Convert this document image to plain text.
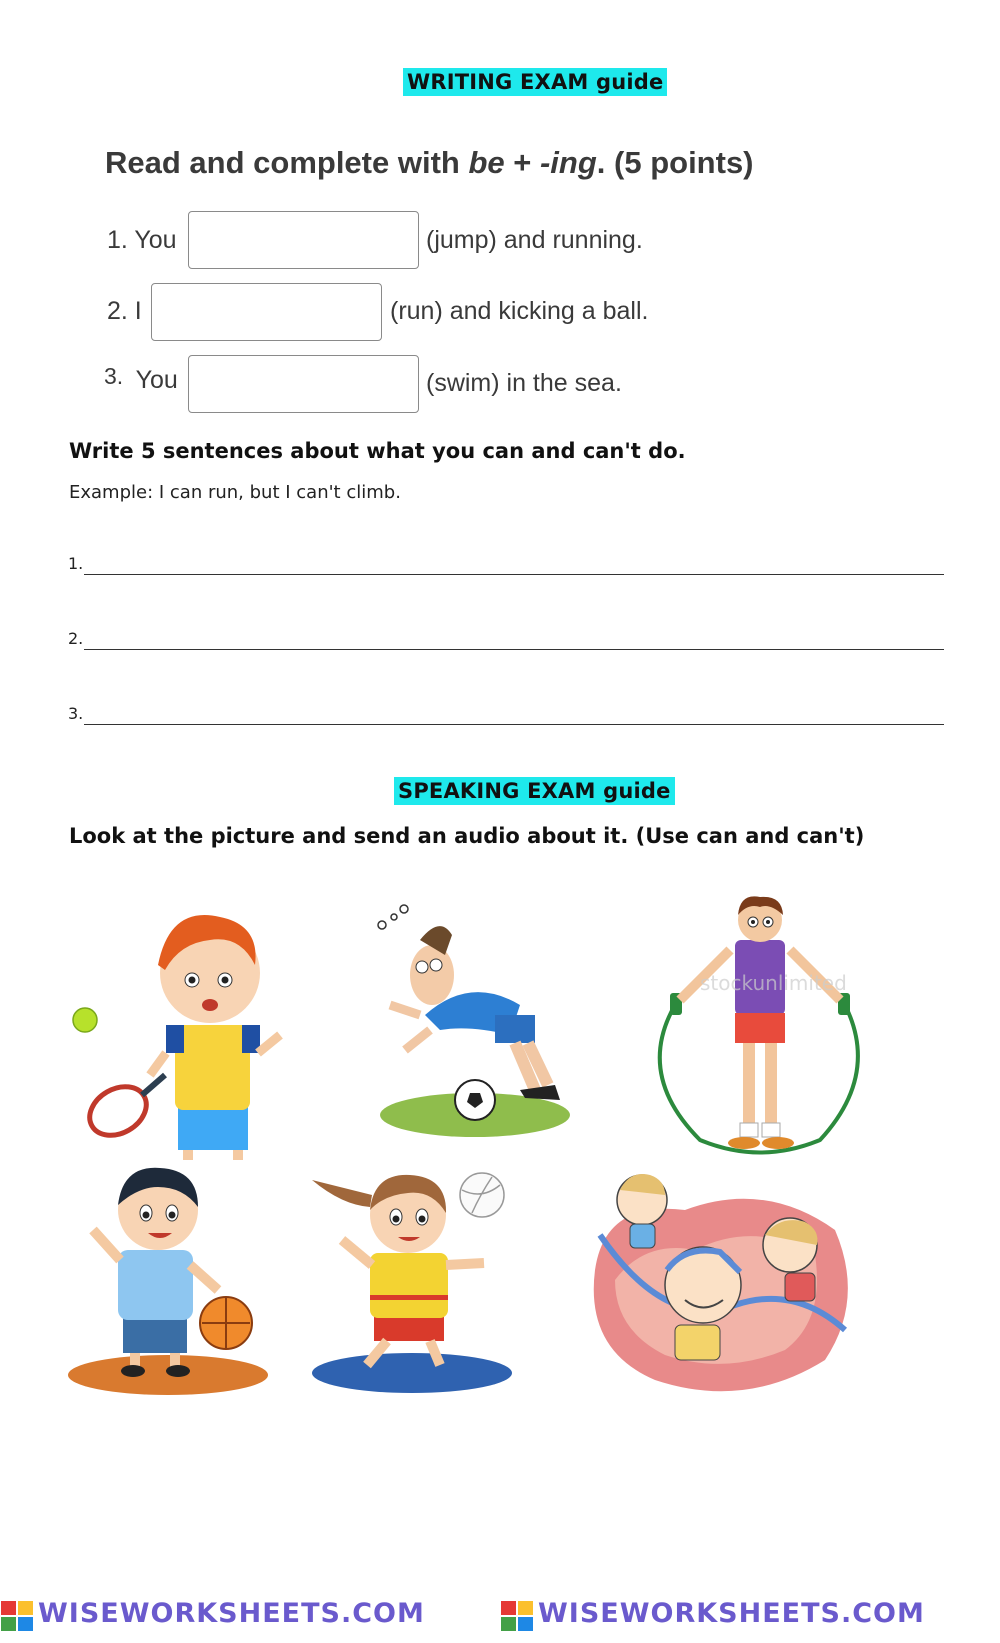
WRITING EXAM guide
Read and complete with be + -ing. (5 points)
1. You	(jump) and running.
2. I	(run) and kicking a ball.
3. You	(swim) in the sea.
Write 5 sentences about what you can and can't do.
Example: I can run, but I can't climb.
1.
2.
3.
SPEAKING EXAM guide
Look at the picture and send an audio about it. (Use can and can't)
stockunlimited
WISEWORKSHEETS.COM	WISEWORKSHEETS.COM
